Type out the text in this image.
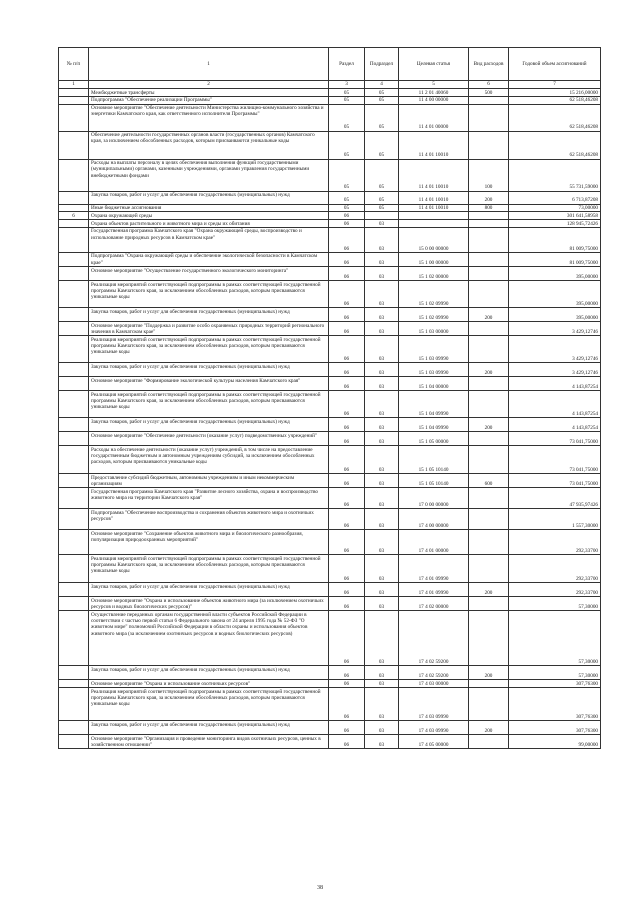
№ п/п	1	Раздел	Подраздел	Целевая статья	Вид расходов	Годовой объем ассигнований
1	2	3	4	5	6	7
	Межбюджетные трансферты	05	05	11 2 01 40060	500	15 216,00000
	Подпрограмма "Обеспечение реализации Программы"	05	05	11 4 00 00000		62 518,46208
	Основное мероприятие "Обеспечение деятельности Министерства жилищно-коммунального хозяйства и энергетики Камчатского края, как ответственного исполнителя Программы"	05	05	11 4 01 00000		62 518,46208
	Обеспечение деятельности государственных органов власти (государственных органов) Камчатского края, за исключением обособленных расходов, которым присваиваются уникальные коды	05	05	11 4 01 10010		62 518,46208
	Расходы на выплаты персоналу в целях обеспечения выполнения функций государственными (муниципальными) органами, казенными учреждениями, органами управления государственными внебюджетными фондами	05	05	11 4 01 10010	100	55 731,59000
	Закупка товаров, работ и услуг для обеспечения государственных (муниципальных) нужд	05	05	11 4 01 10010	200	6 713,87208
	Иные бюджетные ассигнования	05	05	11 4 01 10010	800	73,00000
6	Охрана окружающей среды	06				301 641,58958
	Охрана объектов растительного и животного мира и среды их обитания	06	03			128 945,72426
	Государственная программа Камчатского края "Охрана окружающей среды, воспроизводство и использование природных ресурсов в Камчатском крае"	06	03	15 0 00 00000		81 009,75000
	Подпрограмма "Охрана окружающей среды и обеспечение экологической безопасности в Камчатском крае"	06	03	15 1 00 00000		81 009,75000
	Основное мероприятие "Осуществление государственного экологического мониторинга"	06	03	15 1 02 00000		395,00000
	Реализация мероприятий соответствующей подпрограммы в рамках соответствующей государственной программы Камчатского края, за исключением обособленных расходов, которым присваиваются уникальные коды	06	03	15 1 02 09990		395,00000
	Закупка товаров, работ и услуг для обеспечения государственных (муниципальных) нужд	06	03	15 1 02 09990	200	395,00000
	Основное мероприятие "Поддержка и развитие особо охраняемых природных территорий регионального значения в Камчатском крае"	06	03	15 1 03 00000		3 429,12746
	Реализация мероприятий соответствующей подпрограммы в рамках соответствующей государственной программы Камчатского края, за исключением обособленных расходов, которым присваиваются уникальные коды	06	03	15 1 03 09990		3 429,12746
	Закупка товаров, работ и услуг для обеспечения государственных (муниципальных) нужд	06	03	15 1 03 09990	200	3 429,12746
	Основное мероприятие "Формирование экологической культуры населения Камчатского края"	06	03	15 1 04 00000		4 143,87254
	Реализация мероприятий соответствующей подпрограммы в рамках соответствующей государственной программы Камчатского края, за исключением обособленных расходов, которым присваиваются уникальные коды	06	03	15 1 04 09990		4 143,87254
	Закупка товаров, работ и услуг для обеспечения государственных (муниципальных) нужд	06	03	15 1 04 09990	200	4 143,87254
	Основное мероприятие "Обеспечение деятельности (оказание услуг) подведомственных учреждений"	06	03	15 1 05 00000		73 041,75000
	Расходы на обеспечение деятельности (оказание услуг) учреждений, в том числе на предоставление государственным бюджетным и автономным учреждениям субсидий, за исключением обособленных расходов, которым присваиваются уникальные коды	06	03	15 1 05 10140		73 041,75000
	Предоставление субсидий бюджетным, автономным учреждениям и иным некоммерческим организациям	06	03	15 1 05 10140	600	73 041,75000
	Государственная программа Камчатского края "Развитие лесного хозяйства, охрана и воспроизводство животного мира на территории Камчатского края"	06	03	17 0 00 00000		47 935,97426
	Подпрограмма "Обеспечение воспроизводства и сохранения объектов животного мира и охотничьих ресурсов"	06	03	17 4 00 00000		1 557,30000
	Основное мероприятие "Сохранение объектов животного мира и биологического разнообразия, популяризация природоохранных мероприятий"	06	03	17 4 01 00000		292,33700
	Реализация мероприятий соответствующей подпрограммы в рамках соответствующей государственной программы Камчатского края, за исключением обособленных расходов, которым присваиваются уникальные коды	06	03	17 4 01 09990		292,33700
	Закупка товаров, работ и услуг для обеспечения государственных (муниципальных) нужд	06	03	17 4 01 09990	200	292,33700
	Основное мероприятие "Охрана и использование объектов животного мира (за исключением охотничьих ресурсов и водных биологических ресурсов)"	06	03	17 4 02 00000		57,30000
	Осуществление переданных органам государственной власти субъектов Российской Федерации в соответствии с частью первой статьи 6 Федерального закона от 24 апреля 1995 года № 52-ФЗ "О животном мире" полномочий Российской Федерации в области охраны и использования объектов животного мира (за исключением охотничьих ресурсов и водных биологических ресурсов)	06	03	17 4 02 59200		57,30000
	Закупка товаров, работ и услуг для обеспечения государственных (муниципальных) нужд	06	03	17 4 02 59200	200	57,30000
	Основное мероприятие "Охрана и использование охотничьих ресурсов"	06	03	17 4 03 00000		307,76300
	Реализация мероприятий соответствующей подпрограммы в рамках соответствующей государственной программы Камчатского края, за исключением обособленных расходов, которым присваиваются уникальные коды	06	03	17 4 03 09990		307,76300
	Закупка товаров, работ и услуг для обеспечения государственных (муниципальных) нужд	06	03	17 4 03 09990	200	307,76300
	Основное мероприятие "Организация и проведение мониторинга видов охотничьих ресурсов, ценных в хозяйственном отношении"	06	03	17 4 05 00000		99,00000
38
